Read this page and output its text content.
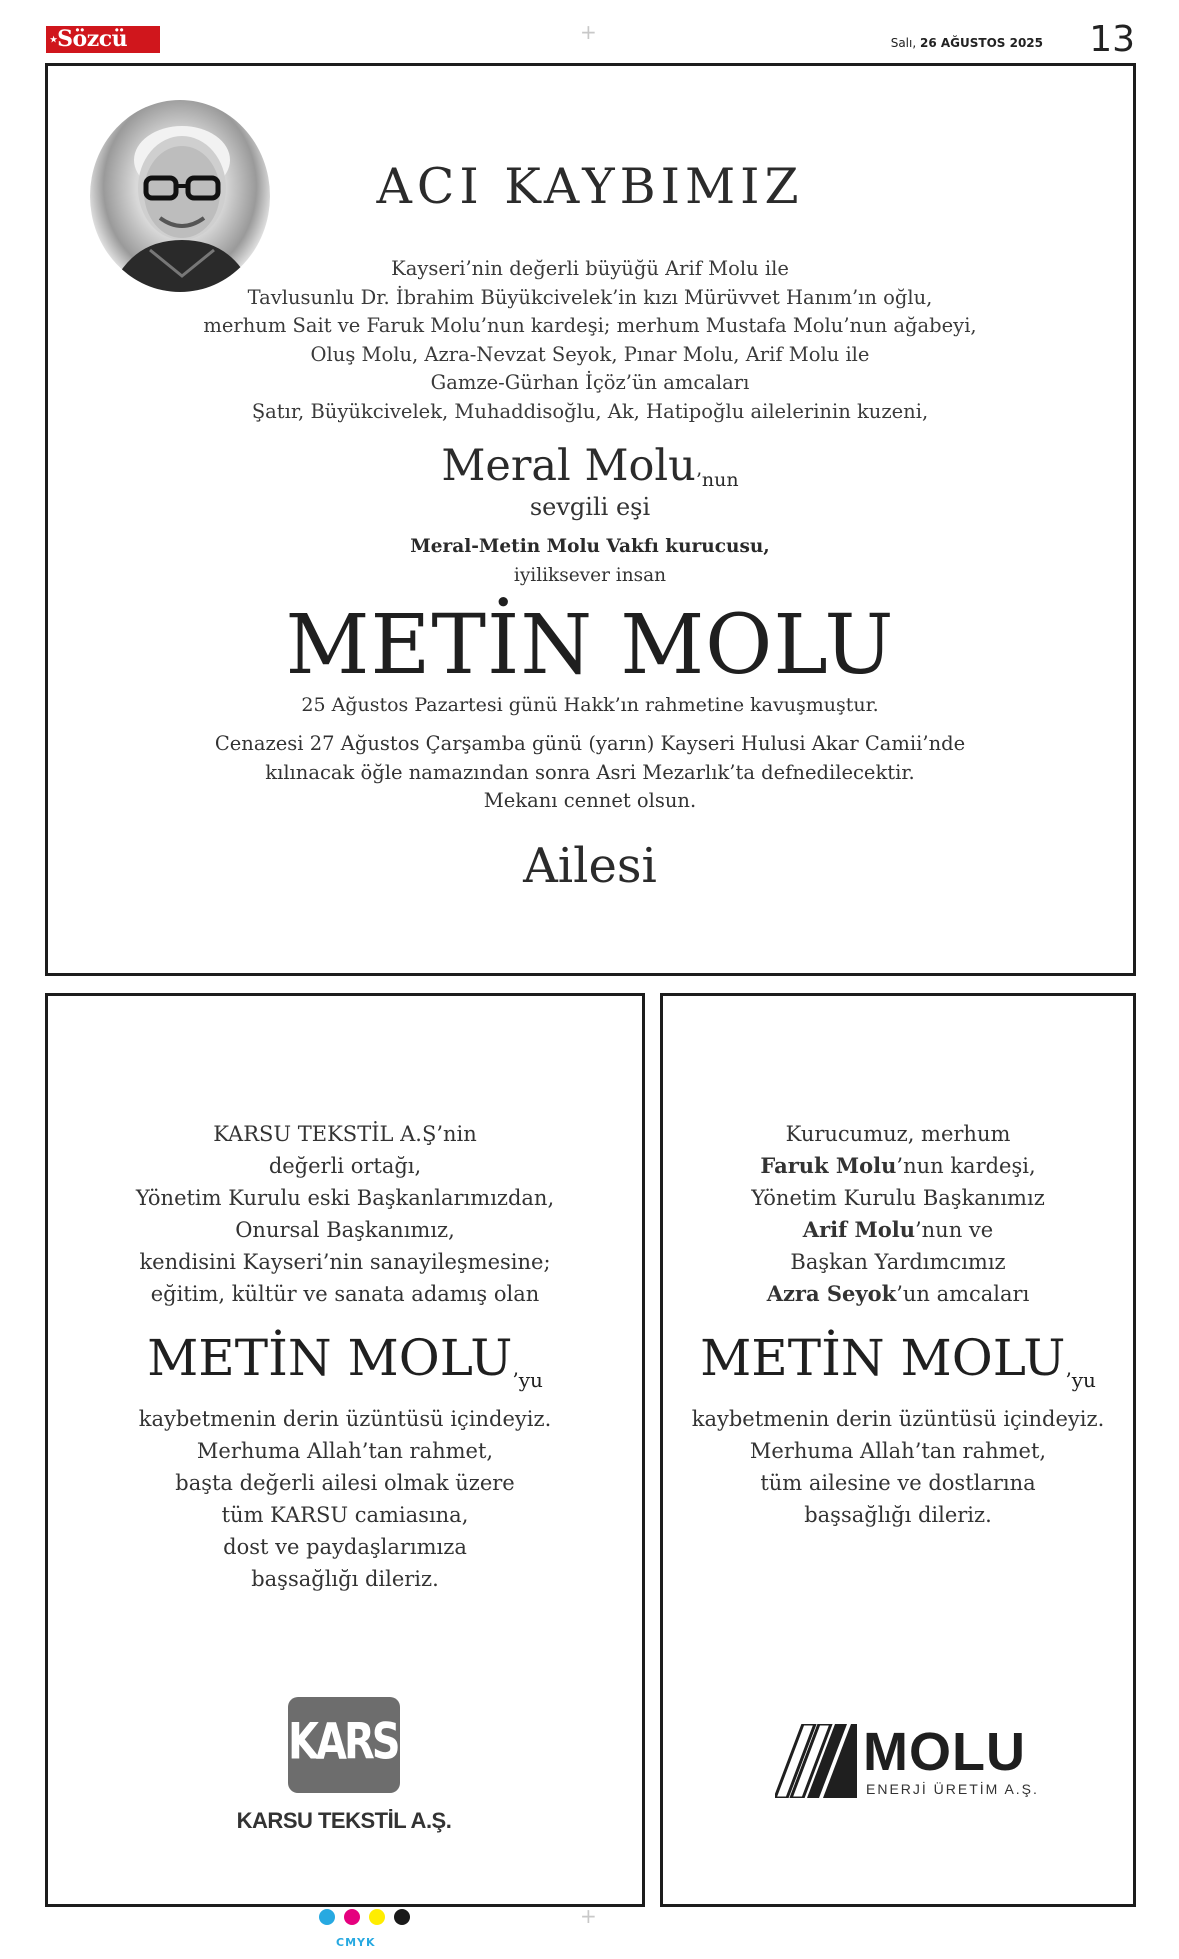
★Sözcü	Salı, 26 AĞUSTOS 2025 13
+
+
ACI KAYBIMIZ
Kayseri’nin değerli büyüğü Arif Molu ile
Tavlusunlu Dr. İbrahim Büyükcivelek’in kızı Mürüvvet Hanım’ın oğlu,
merhum Sait ve Faruk Molu’nun kardeşi; merhum Mustafa Molu’nun ağabeyi,
Oluş Molu, Azra-Nevzat Seyok, Pınar Molu, Arif Molu ile
Gamze-Gürhan İçöz’ün amcaları
Şatır, Büyükcivelek, Muhaddisoğlu, Ak, Hatipoğlu ailelerinin kuzeni,
Meral Molu$^{’nun}$
sevgili eşi
Meral-Metin Molu Vakfı kurucusu,
iyiliksever insan
METİN MOLU
25 Ağustos Pazartesi günü Hakk’ın rahmetine kavuşmuştur.
Cenazesi 27 Ağustos Çarşamba günü (yarın) Kayseri Hulusi Akar Camii’nde
kılınacak öğle namazından sonra Asri Mezarlık’ta defnedilecektir.
Mekanı cennet olsun.
Ailesi
KARSU TEKSTİL A.Ş’nin
değerli ortağı,
Yönetim Kurulu eski Başkanlarımızdan,
Onursal Başkanımız,
kendisini Kayseri’nin sanayileşmesine;
eğitim, kültür ve sanata adamış olan
METİN $MOLU^{’yu}$
kaybetmenin derin üzüntüsü içindeyiz.
Merhuma Allah’tan rahmet,
başta değerli ailesi olmak üzere
tüm KARSU camiasına,
dost ve paydaşlarımıza
başsağlığı dileriz.
KARSU
KARSU TEKSTİL A.Ş.
Kurucumuz, merhum
Faruk Molu’nun kardeşi,
Yönetim Kurulu Başkanımız
Arif Molu’nun ve
Başkan Yardımcımız
Azra Seyok’un amcaları
METİN $MOLU^{’yu}$
kaybetmenin derin üzüntüsü içindeyiz.
Merhuma Allah’tan rahmet,
tüm ailesine ve dostlarına
başsağlığı dileriz.
MOLU
ENERJİ ÜRETİM A.Ş.
CMYK
